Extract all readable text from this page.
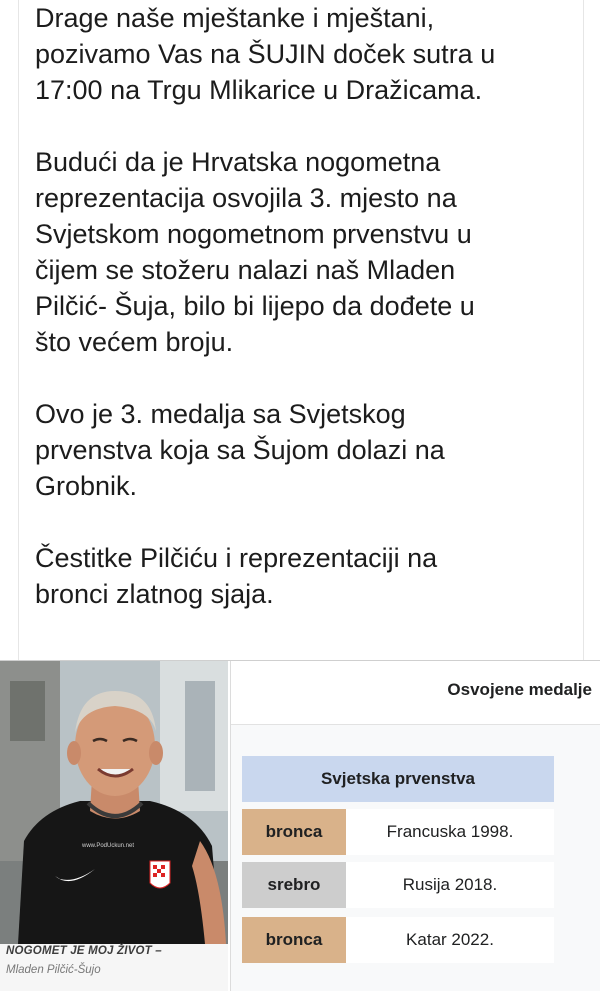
Drage naše mještanke i mještani,
pozivamo Vas na ŠUJIN doček sutra u
17:00 na Trgu Mlikarice u Dražicama.

Budući da je Hrvatska nogometna
reprezentacija osvojila 3. mjesto na
Svjetskom nogometnom prvenstvu u
čijem se stožeru nalazi naš Mladen
Pilčić- Šuja, bilo bi lijepo da dođete u
što većem broju.

Ovo je 3. medalja sa Svjetskog
prvenstva koja sa Šujom dolazi na
Grobnik.

Čestitke Pilčiću i reprezentaciji na
bronci zlatnog sjaja.

www.PodUckun.net
NOGOMET JE MOJ ŽIVOT –
Mladen Pilčić-Šujo
Osvojene medalje
Svjetska prvenstva
bronca	Francuska 1998.
srebro	Rusija 2018.
bronca	Katar 2022.
